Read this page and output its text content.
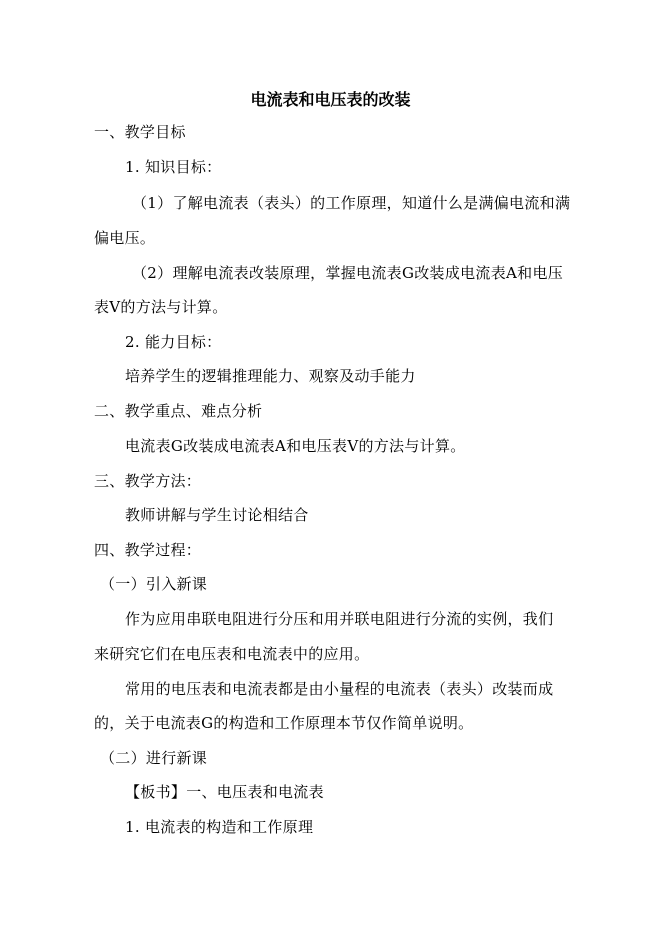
电流表和电压表的改装
一、教学目标
1. 知识目标：
（1）了解电流表（表头）的工作原理，知道什么是满偏电流和满
偏电压。
（2）理解电流表改装原理，掌握电流表G改装成电流表A和电压
表V的方法与计算。
2. 能力目标：
培养学生的逻辑推理能力、观察及动手能力
二、教学重点、难点分析
电流表G改装成电流表A和电压表V的方法与计算。
三、教学方法：
教师讲解与学生讨论相结合
四、教学过程：
（一）引入新课
作为应用串联电阻进行分压和用并联电阻进行分流的实例，我们
来研究它们在电压表和电流表中的应用。
常用的电压表和电流表都是由小量程的电流表（表头）改装而成
的，关于电流表G的构造和工作原理本节仅作简单说明。
（二）进行新课
【板书】一、电压表和电流表
1. 电流表的构造和工作原理
